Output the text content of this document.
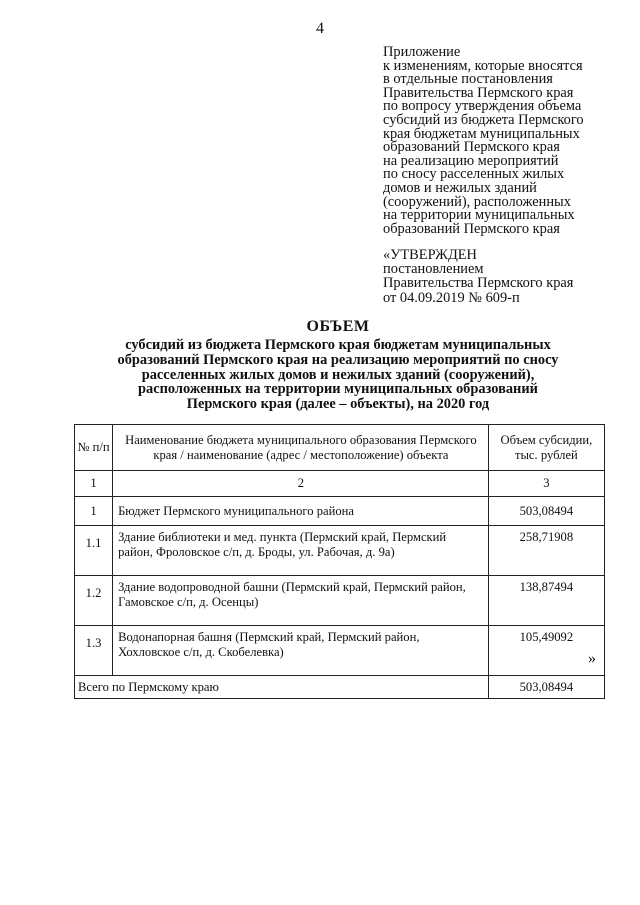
4
Приложение
к изменениям, которые вносятся
в отдельные постановления
Правительства Пермского края
по вопросу утверждения объема
субсидий из бюджета Пермского
края бюджетам муниципальных
образований Пермского края
на реализацию мероприятий
по сносу расселенных жилых
домов и нежилых зданий
(сооружений), расположенных
на территории муниципальных
образований Пермского края
«УТВЕРЖДЕН
постановлением
Правительства Пермского края
от 04.09.2019 № 609-п
ОБЪЕМ
субсидий из бюджета Пермского края бюджетам муниципальных
образований Пермского края на реализацию мероприятий по сносу
расселенных жилых домов и нежилых зданий (сооружений),
расположенных на территории муниципальных образований
Пермского края (далее – объекты), на 2020 год
№ п/п	Наименование бюджета муниципального образования Пермского края / наименование (адрес / местоположение) объекта	Объем субсидии, тыс. рублей
1	2	3
1	Бюджет Пермского муниципального района	503,08494
1.1	Здание библиотеки и мед. пункта (Пермский край, Пермский район, Фроловское с/п, д. Броды, ул. Рабочая, д. 9а)	258,71908
1.2	Здание водопроводной башни (Пермский край, Пермский район, Гамовское с/п, д. Осенцы)	138,87494
1.3	Водонапорная башня (Пермский край, Пермский район, Хохловское с/п, д. Скобелевка)	105,49092
Всего по Пермскому краю		503,08494
»
